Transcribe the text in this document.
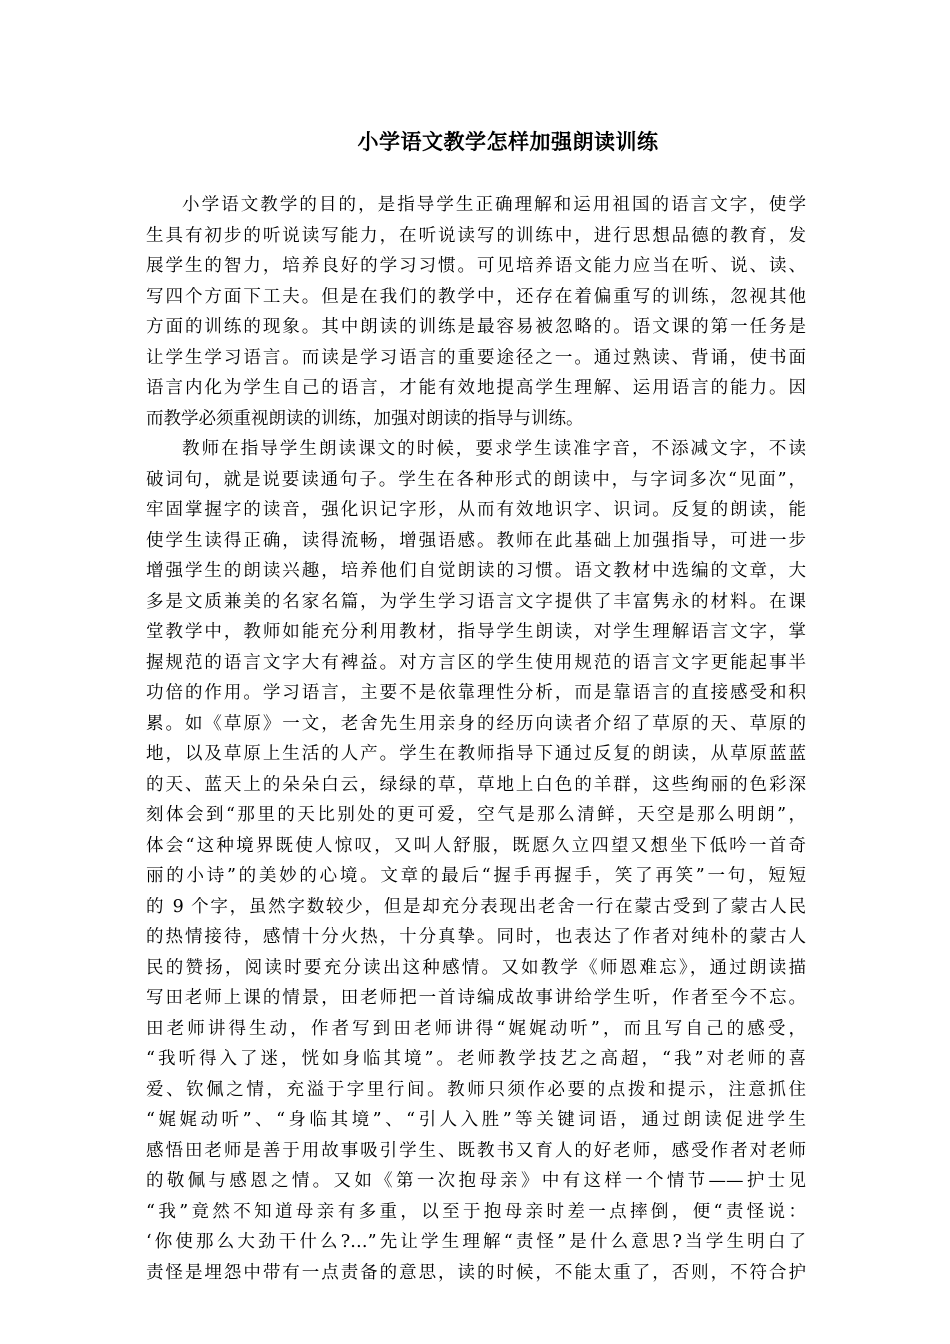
小学语文教学怎样加强朗读训练
小学语文教学的目的，是指导学生正确理解和运用祖国的语言文字，使学
生具有初步的听说读写能力，在听说读写的训练中，进行思想品德的教育，发
展学生的智力，培养良好的学习习惯。可见培养语文能力应当在听、说、读、
写四个方面下工夫。但是在我们的教学中，还存在着偏重写的训练，忽视其他
方面的训练的现象。其中朗读的训练是最容易被忽略的。语文课的第一任务是
让学生学习语言。而读是学习语言的重要途径之一。通过熟读、背诵，使书面
语言内化为学生自己的语言，才能有效地提高学生理解、运用语言的能力。因
而教学必须重视朗读的训练，加强对朗读的指导与训练。
教师在指导学生朗读课文的时候，要求学生读准字音，不添减文字，不读
破词句，就是说要读通句子。学生在各种形式的朗读中，与字词多次“见面”，
牢固掌握字的读音，强化识记字形，从而有效地识字、识词。反复的朗读，能
使学生读得正确，读得流畅，增强语感。教师在此基础上加强指导，可进一步
增强学生的朗读兴趣，培养他们自觉朗读的习惯。语文教材中选编的文章，大
多是文质兼美的名家名篇，为学生学习语言文字提供了丰富隽永的材料。在课
堂教学中，教师如能充分利用教材，指导学生朗读，对学生理解语言文字，掌
握规范的语言文字大有裨益。对方言区的学生使用规范的语言文字更能起事半
功倍的作用。学习语言，主要不是依靠理性分析，而是靠语言的直接感受和积
累。如《草原》一文，老舍先生用亲身的经历向读者介绍了草原的天、草原的
地，以及草原上生活的人产。学生在教师指导下通过反复的朗读，从草原蓝蓝
的天、蓝天上的朵朵白云，绿绿的草，草地上白色的羊群，这些绚丽的色彩深
刻体会到“那里的天比别处的更可爱，空气是那么清鲜，天空是那么明朗”，
体会“这种境界既使人惊叹，又叫人舒服，既愿久立四望又想坐下低吟一首奇
丽的小诗”的美妙的心境。文章的最后“握手再握手，笑了再笑”一句，短短
的 9 个字，虽然字数较少，但是却充分表现出老舍一行在蒙古受到了蒙古人民
的热情接待，感情十分火热，十分真挚。同时，也表达了作者对纯朴的蒙古人
民的赞扬，阅读时要充分读出这种感情。又如教学《师恩难忘》，通过朗读描
写田老师上课的情景，田老师把一首诗编成故事讲给学生听，作者至今不忘。
田老师讲得生动，作者写到田老师讲得“娓娓动听”，而且写自己的感受，
“我听得入了迷，恍如身临其境”。老师教学技艺之高超，“我”对老师的喜
爱、钦佩之情，充溢于字里行间。教师只须作必要的点拨和提示，注意抓住
“娓娓动听”、“身临其境”、“引人入胜”等关键词语，通过朗读促进学生
感悟田老师是善于用故事吸引学生、既教书又育人的好老师，感受作者对老师
的敬佩与感恩之情。又如《第一次抱母亲》中有这样一个情节——护士见
“我”竟然不知道母亲有多重，以至于抱母亲时差一点摔倒，便“责怪说：
‘你使那么大劲干什么?…”先让学生理解“责怪”是什么意思?当学生明白了
责怪是埋怨中带有一点责备的意思，读的时候，不能太重了，否则，不符合护
